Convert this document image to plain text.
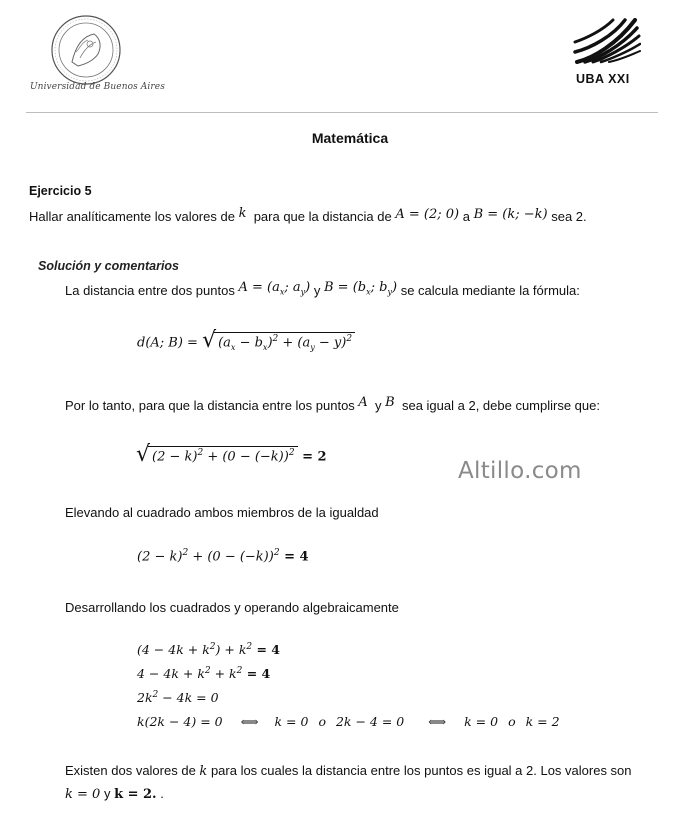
Universidad de Buenos Aires
UBA XXI
Matemática
Ejercicio 5
Hallar analíticamente los valores de k para que la distancia de A = (2; 0) a B = (k; −k) sea 2.
Solución y comentarios
La distancia entre dos puntos $A = (a_x$; $a_y$) y $B = (b_x$; $b_y$) se calcula mediante la fórmula:
d(A; B) = √ $(a_x - b_x)^2 + (a_y - y)^2$
Por lo tanto, para que la distancia entre los puntos A y B sea igual a 2, debe cumplirse que:
√ $(2 - k)^2 + (0 - (-k))^2 = 2$
Altillo.com
Elevando al cuadrado ambos miembros de la igualdad
$(2 - k)^2 + (0 - (-k))^2 = 4$
Desarrollando los cuadrados y operando algebraicamente
$(4 - 4k + k^2) + k^2 = 4$
$4 - 4k + k^2 + k^2 = 4$
$2k^2 - 4k = 0$
k(2k − 4) = 0 ⟺ k = 0 o 2k − 4 = 0 ⟺ k = 0 o k = 2
Existen dos valores de k para los cuales la distancia entre los puntos es igual a 2. Los valores son
k = 0 y k = 2. .
